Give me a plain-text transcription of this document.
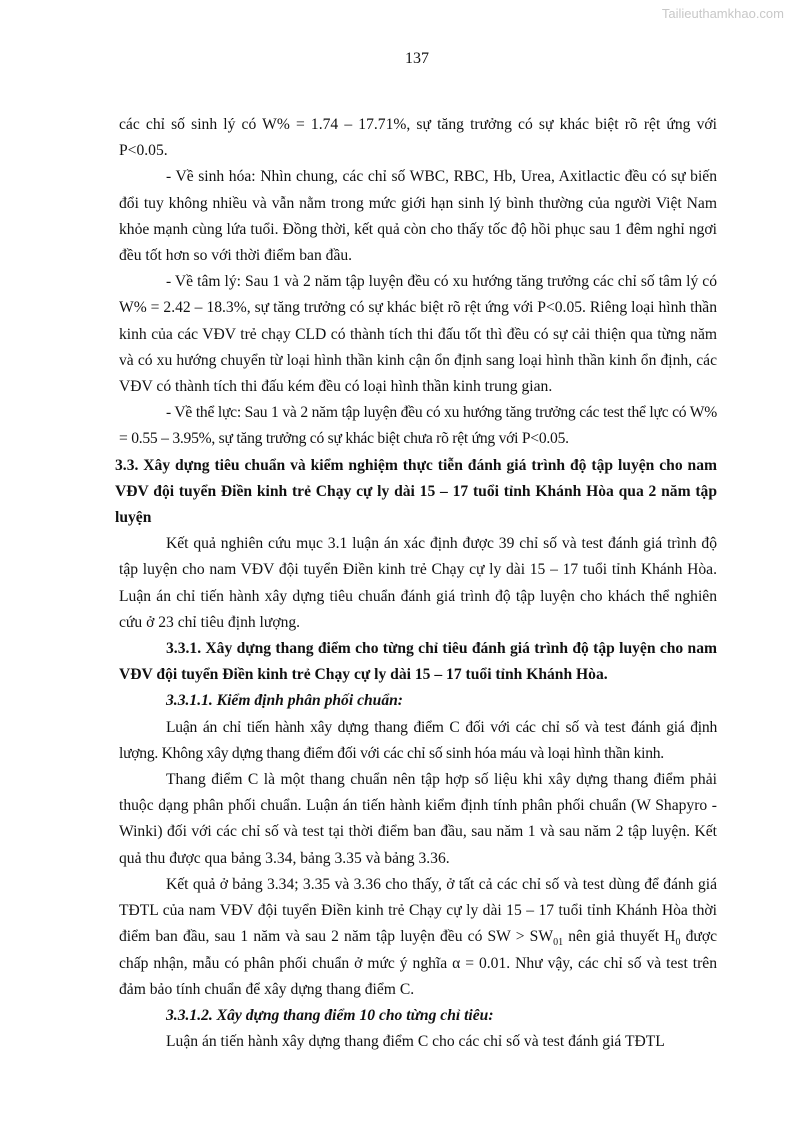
Tailieuthamkhao.com
137

các chỉ số sinh lý có W% = 1.74 – 17.71%, sự tăng trưởng có sự khác biệt rõ rệt ứng với P<0.05.

- Về sinh hóa: Nhìn chung, các chỉ số WBC, RBC, Hb, Urea, Axitlactic đều có sự biến đổi tuy không nhiều và vẫn nằm trong mức giới hạn sinh lý bình thường của người Việt Nam khỏe mạnh cùng lứa tuổi. Đồng thời, kết quả còn cho thấy tốc độ hồi phục sau 1 đêm nghỉ ngơi đều tốt hơn so với thời điểm ban đầu.

- Về tâm lý: Sau 1 và 2 năm tập luyện đều có xu hướng tăng trưởng các chỉ số tâm lý có W% = 2.42 – 18.3%, sự tăng trưởng có sự khác biệt rõ rệt ứng với P<0.05. Riêng loại hình thần kinh của các VĐV trẻ chạy CLD có thành tích thi đấu tốt thì đều có sự cải thiện qua từng năm và có xu hướng chuyển từ loại hình thần kinh cận ổn định sang loại hình thần kinh ổn định, các VĐV có thành tích thi đấu kém đều có loại hình thần kinh trung gian.

- Về thể lực: Sau 1 và 2 năm tập luyện đều có xu hướng tăng trưởng các test thể lực có W% = 0.55 – 3.95%, sự tăng trưởng có sự khác biệt chưa rõ rệt ứng với P<0.05.

3.3. Xây dựng tiêu chuẩn và kiểm nghiệm thực tiễn đánh giá trình độ tập luyện cho nam VĐV đội tuyển Điền kinh trẻ Chạy cự ly dài 15 – 17 tuổi tỉnh Khánh Hòa qua 2 năm tập luyện

Kết quả nghiên cứu mục 3.1 luận án xác định được 39 chỉ số và test đánh giá trình độ tập luyện cho nam VĐV đội tuyển Điền kinh trẻ Chạy cự ly dài 15 – 17 tuổi tỉnh Khánh Hòa. Luận án chỉ tiến hành xây dựng tiêu chuẩn đánh giá trình độ tập luyện cho khách thể nghiên cứu ở 23 chỉ tiêu định lượng.

3.3.1. Xây dựng thang điểm cho từng chỉ tiêu đánh giá trình độ tập luyện cho nam VĐV đội tuyển Điền kinh trẻ Chạy cự ly dài 15 – 17 tuổi tỉnh Khánh Hòa.

3.3.1.1. Kiểm định phân phối chuẩn:

Luận án chỉ tiến hành xây dựng thang điểm C đối với các chỉ số và test đánh giá định lượng. Không xây dựng thang điểm đối với các chỉ số sinh hóa máu và loại hình thần kinh.

Thang điểm C là một thang chuẩn nên tập hợp số liệu khi xây dựng thang điểm phải thuộc dạng phân phối chuẩn. Luận án tiến hành kiểm định tính phân phối chuẩn (W Shapyro - Winki) đối với các chỉ số và test tại thời điểm ban đầu, sau năm 1 và sau năm 2 tập luyện. Kết quả thu được qua bảng 3.34, bảng 3.35 và bảng 3.36.

Kết quả ở bảng 3.34; 3.35 và 3.36 cho thấy, ở tất cả các chỉ số và test dùng để đánh giá TĐTL của nam VĐV đội tuyển Điền kinh trẻ Chạy cự ly dài 15 – 17 tuổi tỉnh Khánh Hòa thời điểm ban đầu, sau 1 năm và sau 2 năm tập luyện đều có SW > $SW_{01}$ nên giả thuyết $H_0$ được chấp nhận, mẫu có phân phối chuẩn ở mức ý nghĩa α = 0.01. Như vậy, các chỉ số và test trên đảm bảo tính chuẩn để xây dựng thang điểm C.

3.3.1.2. Xây dựng thang điểm 10 cho từng chỉ tiêu:

Luận án tiến hành xây dựng thang điểm C cho các chỉ số và test đánh giá TĐTL
